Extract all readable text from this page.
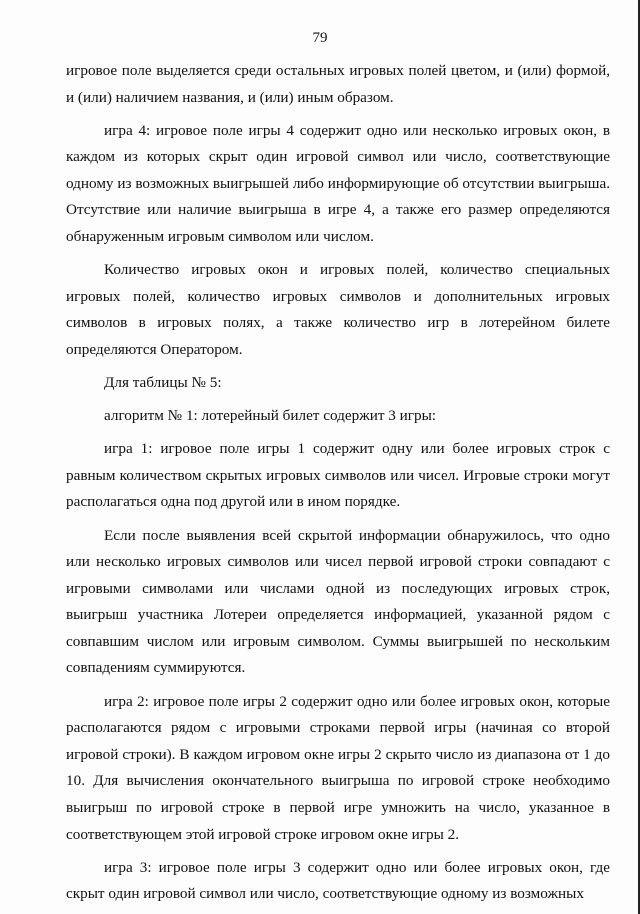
79

игровое поле выделяется среди остальных игровых полей цветом, и (или) формой, и (или) наличием названия, и (или) иным образом.

игра 4: игровое поле игры 4 содержит одно или несколько игровых окон, в каждом из которых скрыт один игровой символ или число, соответствующие одному из возможных выигрышей либо информирующие об отсутствии выигрыша. Отсутствие или наличие выигрыша в игре 4, а также его размер определяются обнаруженным игровым символом или числом.

Количество игровых окон и игровых полей, количество специальных игровых полей, количество игровых символов и дополнительных игровых символов в игровых полях, а также количество игр в лотерейном билете определяются Оператором.

Для таблицы № 5:

алгоритм № 1: лотерейный билет содержит 3 игры:

игра 1: игровое поле игры 1 содержит одну или более игровых строк с равным количеством скрытых игровых символов или чисел. Игровые строки могут располагаться одна под другой или в ином порядке.

Если после выявления всей скрытой информации обнаружилось, что одно или несколько игровых символов или чисел первой игровой строки совпадают с игровыми символами или числами одной из последующих игровых строк, выигрыш участника Лотереи определяется информацией, указанной рядом с совпавшим числом или игровым символом. Суммы выигрышей по нескольким совпадениям суммируются.

игра 2: игровое поле игры 2 содержит одно или более игровых окон, которые располагаются рядом с игровыми строками первой игры (начиная со второй игровой строки). В каждом игровом окне игры 2 скрыто число из диапазона от 1 до 10. Для вычисления окончательного выигрыша по игровой строке необходимо выигрыш по игровой строке в первой игре умножить на число, указанное в соответствующем этой игровой строке игровом окне игры 2.

игра 3: игровое поле игры 3 содержит одно или более игровых окон, где скрыт один игровой символ или число, соответствующие одному из возможных
